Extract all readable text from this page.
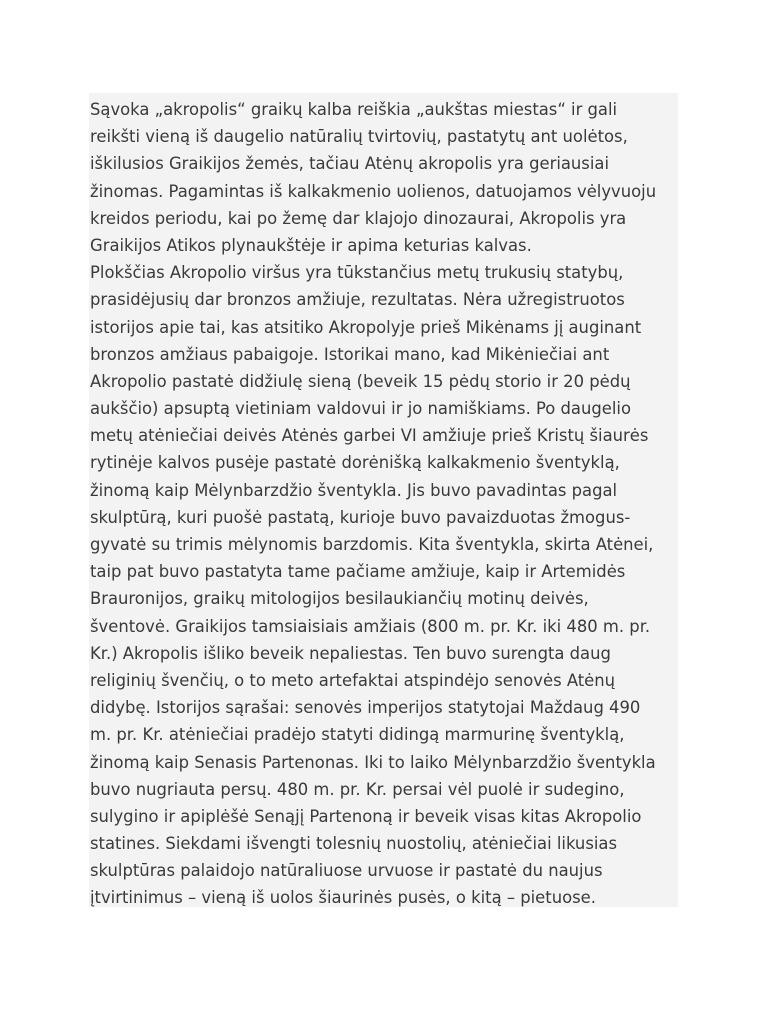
Sąvoka „akropolis“ graikų kalba reiškia „aukštas miestas“ ir gali
reikšti vieną iš daugelio natūralių tvirtovių, pastatytų ant uolėtos,
iškilusios Graikijos žemės, tačiau Atėnų akropolis yra geriausiai
žinomas. Pagamintas iš kalkakmenio uolienos, datuojamos vėlyvuoju
kreidos periodu, kai po žemę dar klajojo dinozaurai, Akropolis yra
Graikijos Atikos plynaukštėje ir apima keturias kalvas.
Plokščias Akropolio viršus yra tūkstančius metų trukusių statybų,
prasidėjusių dar bronzos amžiuje, rezultatas. Nėra užregistruotos
istorijos apie tai, kas atsitiko Akropolyje prieš Mikėnams jį auginant
bronzos amžiaus pabaigoje. Istorikai mano, kad Mikėniečiai ant
Akropolio pastatė didžiulę sieną (beveik 15 pėdų storio ir 20 pėdų
aukščio) apsuptą vietiniam valdovui ir jo namiškiams. Po daugelio
metų atėniečiai deivės Atėnės garbei VI amžiuje prieš Kristų šiaurės
rytinėje kalvos pusėje pastatė dorėnišką kalkakmenio šventyklą,
žinomą kaip Mėlynbarzdžio šventykla. Jis buvo pavadintas pagal
skulptūrą, kuri puošė pastatą, kurioje buvo pavaizduotas žmogus-
gyvatė su trimis mėlynomis barzdomis. Kita šventykla, skirta Atėnei,
taip pat buvo pastatyta tame pačiame amžiuje, kaip ir Artemidės
Brauronijos, graikų mitologijos besilaukiančių motinų deivės,
šventovė. Graikijos tamsiaisiais amžiais (800 m. pr. Kr. iki 480 m. pr.
Kr.) Akropolis išliko beveik nepaliestas. Ten buvo surengta daug
religinių švenčių, o to meto artefaktai atspindėjo senovės Atėnų
didybę. Istorijos sąrašai: senovės imperijos statytojai Maždaug 490
m. pr. Kr. atėniečiai pradėjo statyti didingą marmurinę šventyklą,
žinomą kaip Senasis Partenonas. Iki to laiko Mėlynbarzdžio šventykla
buvo nugriauta persų. 480 m. pr. Kr. persai vėl puolė ir sudegino,
sulygino ir apiplėšė Senąjį Partenoną ir beveik visas kitas Akropolio
statines. Siekdami išvengti tolesnių nuostolių, atėniečiai likusias
skulptūras palaidojo natūraliuose urvuose ir pastatė du naujus
įtvirtinimus – vieną iš uolos šiaurinės pusės, o kitą – pietuose.
